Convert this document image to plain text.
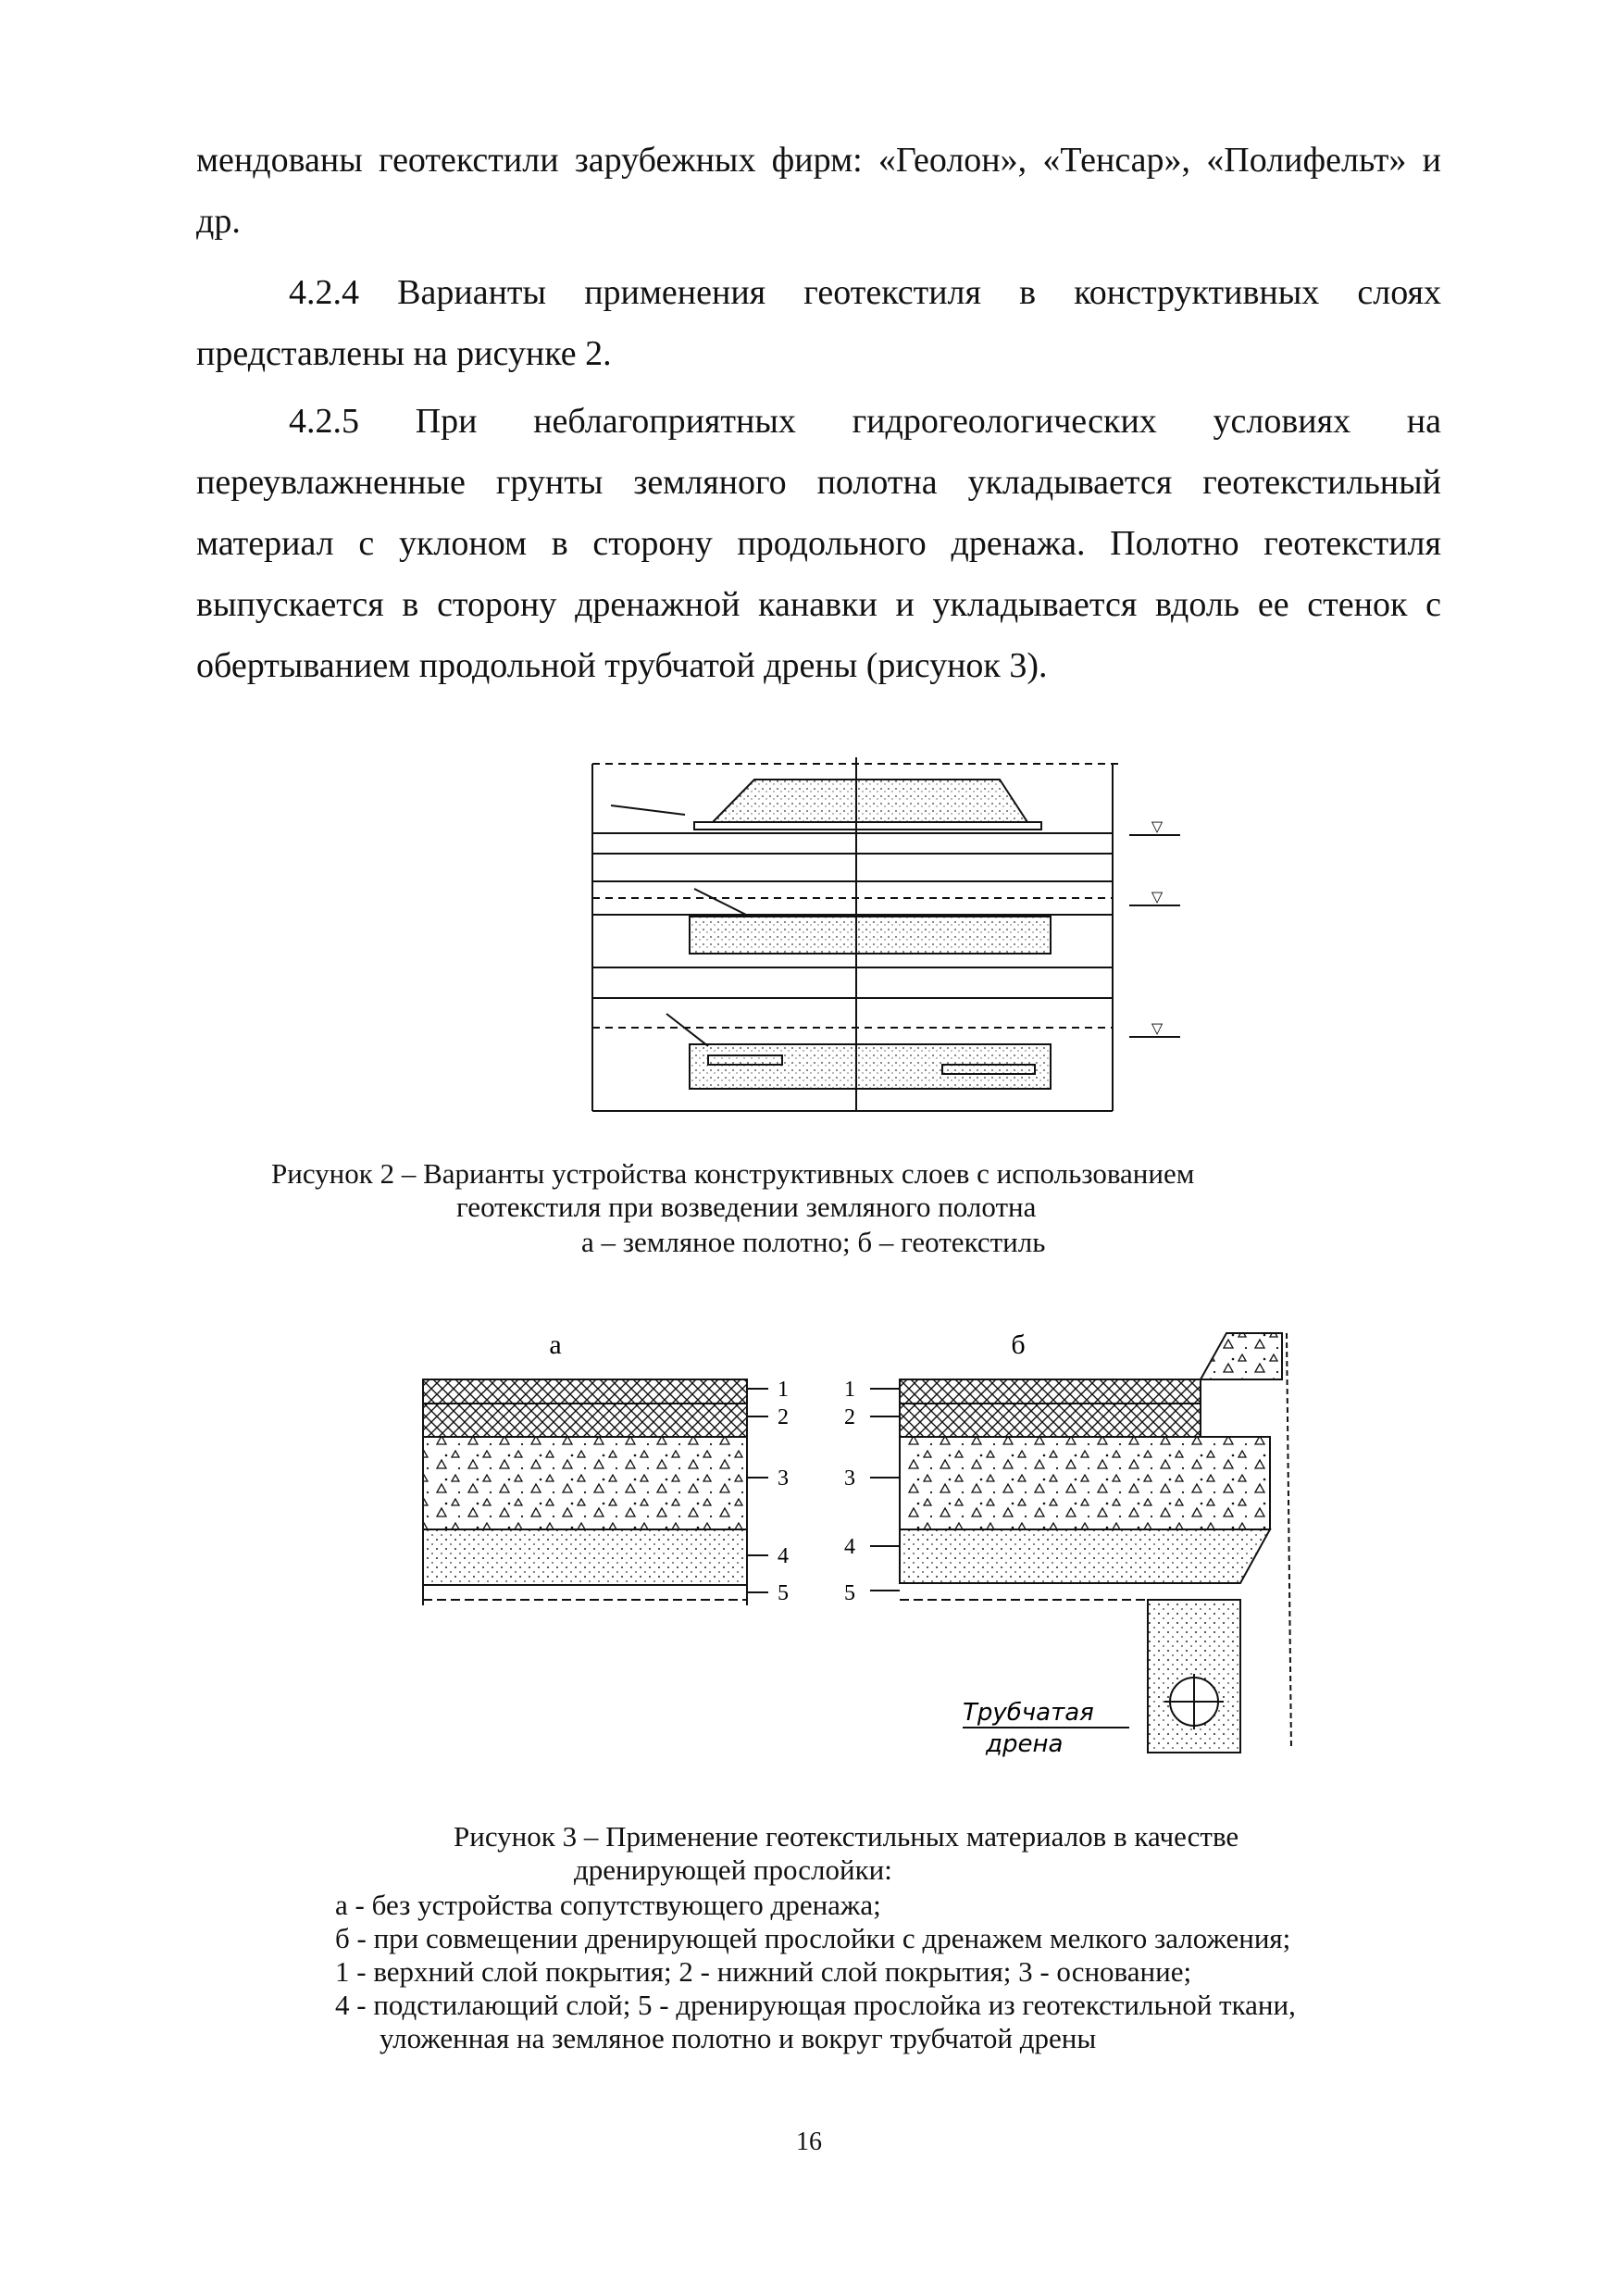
мендованы геотекстили зарубежных фирм: «Геолон», «Тенсар», «Полифельт» и др.

4.2.4 Варианты применения геотекстиля в конструктивных слоях представлены на рисунке 2.

4.2.5 При неблагоприятных гидрогеологических условиях на переувлажненные грунты земляного полотна укладывается геотекстильный материал с уклоном в сторону продольного дренажа. Полотно геотекстиля выпускается в сторону дренажной канавки и укладывается вдоль ее стенок с обертыванием продольной трубчатой дрены (рисунок 3).

▽
▽
▽

Рисунок 2 – Варианты устройства конструктивных слоев с использованием

геотекстиля при возведении земляного полотна

а – земляное полотно; б – геотекстиль

а
1
2
3
4
5
б
1
2
3
4
5
Трубчатая
дрена

Рисунок 3 – Применение геотекстильных материалов в качестве

дренирующей прослойки:

а - без устройства сопутствующего дренажа;

б - при совмещении дренирующей прослойки с дренажем мелкого заложения;

1 - верхний слой покрытия; 2 - нижний слой покрытия; 3 - основание;

4 - подстилающий слой; 5 - дренирующая прослойка из геотекстильной ткани,

уложенная на земляное полотно и вокруг трубчатой дрены

16
